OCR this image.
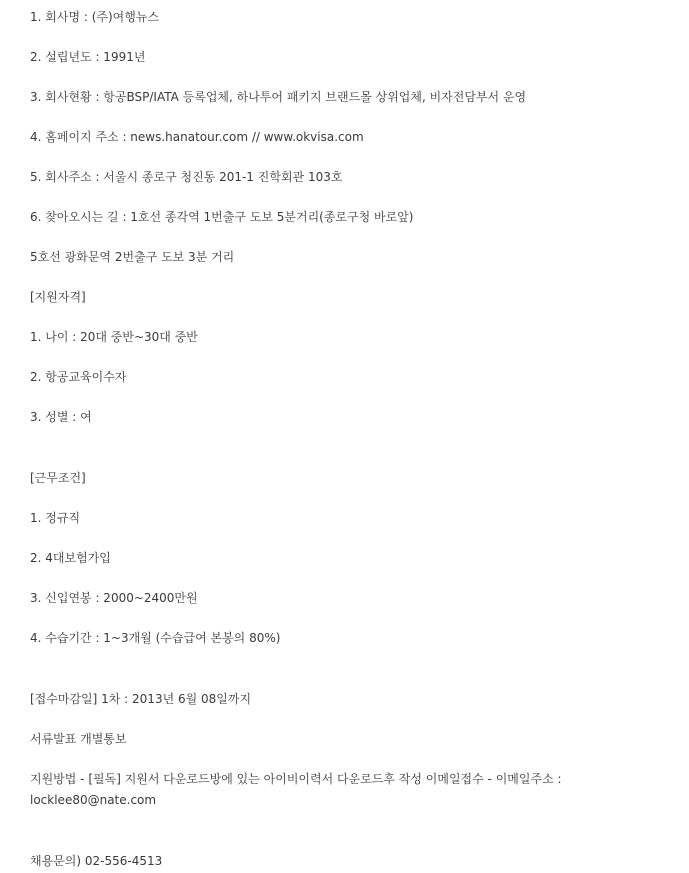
1. 회사명 : (주)여행뉴스
2. 설립년도 : 1991년
3. 회사현황 : 항공BSP/IATA 등록업체, 하나투어 패키지 브랜드몰 상위업체, 비자전담부서 운영
4. 홈페이지 주소 : news.hanatour.com // www.okvisa.com
5. 회사주소 : 서울시 종로구 청진동 201-1 진학회관 103호
6. 찾아오시는 길 : 1호선 종각역 1번출구 도보 5분거리(종로구청 바로앞)
5호선 광화문역 2번출구 도보 3분 거리
[지원자격]
1. 나이 : 20대 중반~30대 중반
2. 항공교육이수자
3. 성별 : 여
[근무조건]
1. 정규직
2. 4대보험가입
3. 신입연봉 : 2000~2400만원
4. 수습기간 : 1~3개월 (수습급여 본봉의 80%)
[접수마감일] 1차 : 2013년 6월 08일까지
서류발표 개별통보
지원방법 - [필독] 지원서 다운로드방에 있는 아이비이력서 다운로드후 작성 이메일접수 - 이메일주소 :
locklee80@nate.com
채용문의) 02-556-4513
